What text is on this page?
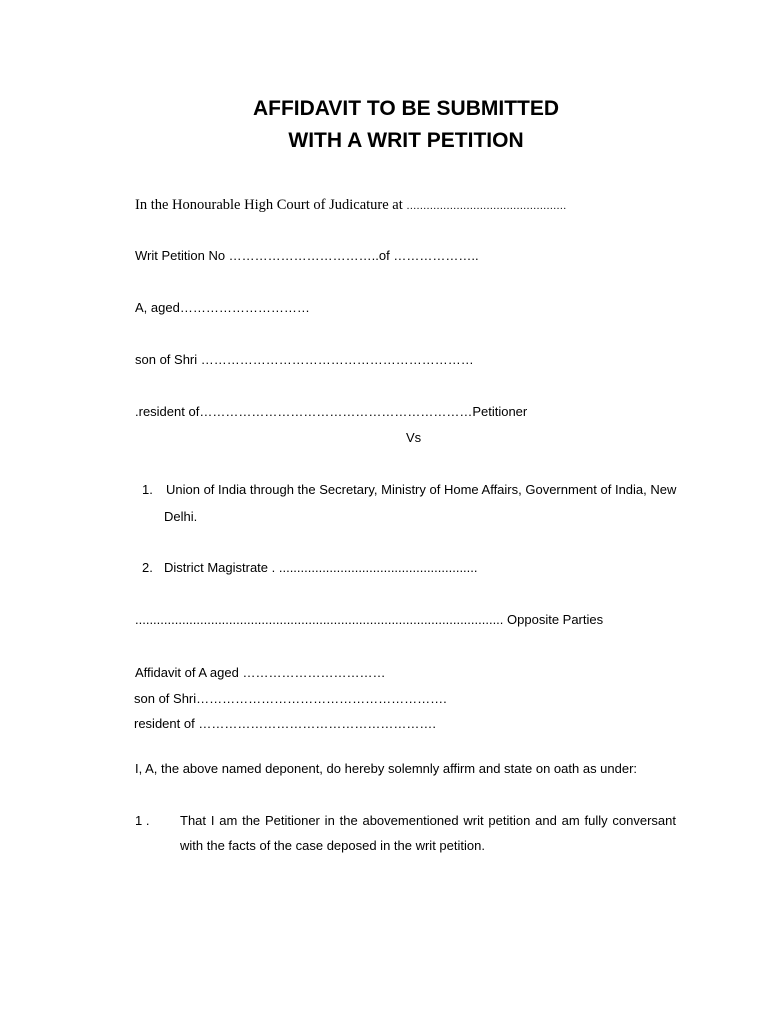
AFFIDAVIT TO BE SUBMITTED
WITH A WRIT PETITION
In the Honourable High Court of Judicature at …………………………………………
Writ Petition No ……………………………..of ………………..
A, aged…………………………
son of Shri ………………………………………………………
.resident of………………………………………………………Petitioner
Vs
1. Union of India through the Secretary, Ministry of Home Affairs, Government of India, New
Delhi.
2. District Magistrate . .......................................................
...................................................................................................... Opposite Parties
Affidavit of A aged ……………………………
son of Shri………………………………………………….
resident of ……………………………………………….
I, A, the above named deponent, do hereby solemnly affirm and state on oath as under:
1 . That I am the Petitioner in the abovementioned writ petition and am fully conversant
with the facts of the case deposed in the writ petition.
